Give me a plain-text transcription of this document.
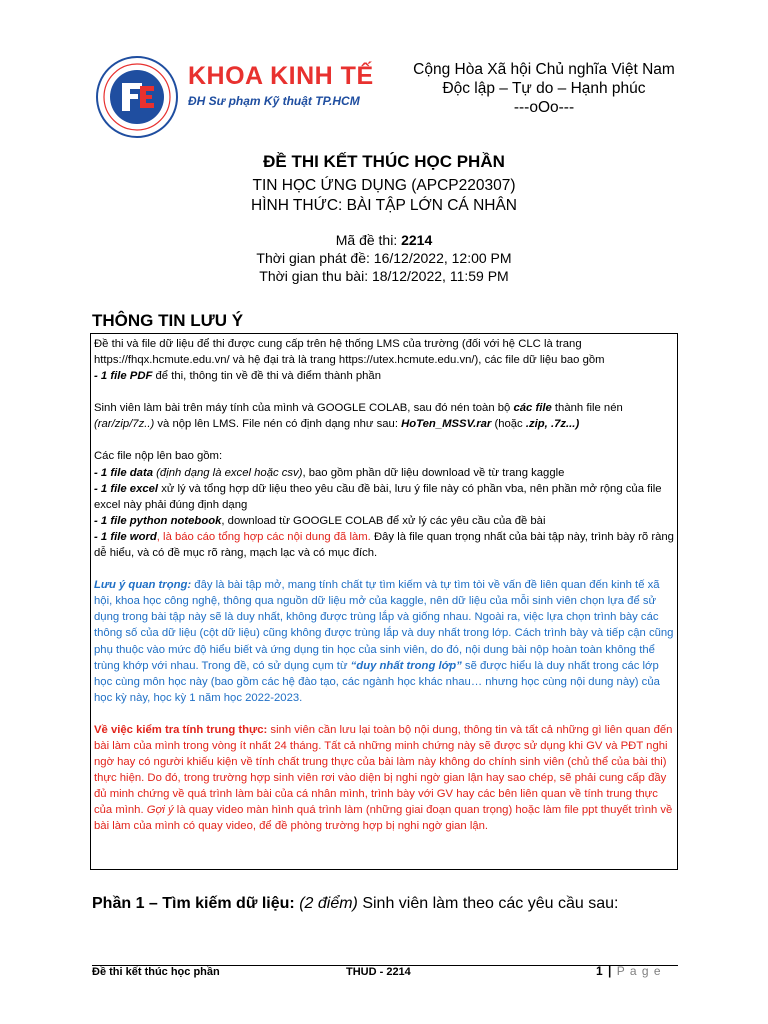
KHOA KINH TẾ
ĐH Sư phạm Kỹ thuật TP.HCM
Cộng Hòa Xã hội Chủ nghĩa Việt Nam
Độc lập – Tự do – Hạnh phúc
---oOo---
ĐỀ THI KẾT THÚC HỌC PHẦN
TIN HỌC ỨNG DỤNG (APCP220307)
HÌNH THỨC: BÀI TẬP LỚN CÁ NHÂN
Mã đề thi: 2214
Thời gian phát đề: 16/12/2022, 12:00 PM
Thời gian thu bài: 18/12/2022, 11:59 PM
THÔNG TIN LƯU Ý

Đề thi và file dữ liệu để thi được cung cấp trên hệ thống LMS của trường (đối với hệ CLC là trang https://fhqx.hcmute.edu.vn/ và hệ đại trà là trang https://utex.hcmute.edu.vn/), các file dữ liệu bao gồm
- 1 file PDF để thi, thông tin về đề thi và điểm thành phần

Sinh viên làm bài trên máy tính của mình và GOOGLE COLAB, sau đó nén toàn bộ các file thành file nén (rar/zip/7z..) và nộp lên LMS. File nén có định dạng như sau: HoTen_MSSV.rar (hoặc .zip, .7z...)

Các file nộp lên bao gồm:
- 1 file data (định dạng là excel hoặc csv), bao gồm phần dữ liệu download về từ trang kaggle
- 1 file excel xử lý và tổng hợp dữ liệu theo yêu cầu đề bài, lưu ý file này có phần vba, nên phần mở rộng của file excel này phải đúng định dạng
- 1 file python notebook, download từ GOOGLE COLAB để xử lý các yêu cầu của đề bài
- 1 file word, là báo cáo tổng hợp các nội dung đã làm. Đây là file quan trọng nhất của bài tập này, trình bày rõ ràng dễ hiểu, và có đề mục rõ ràng, mạch lạc và có mục đích.

Lưu ý quan trọng: đây là bài tập mở, mang tính chất tự tìm kiếm và tự tìm tòi về vấn đề liên quan đến kinh tế xã hội, khoa học công nghệ, thông qua nguồn dữ liệu mở của kaggle, nên dữ liệu của mỗi sinh viên chọn lựa để sử dụng trong bài tập này sẽ là duy nhất, không được trùng lắp và giống nhau. Ngoài ra, việc lựa chọn trình bày các thông số của dữ liệu (cột dữ liệu) cũng không được trùng lắp và duy nhất trong lớp. Cách trình bày và tiếp cận cũng phụ thuộc vào mức độ hiểu biết và ứng dụng tin học của sinh viên, do đó, nội dung bài nộp hoàn toàn không thể trùng khớp với nhau. Trong đề, có sử dụng cụm từ “duy nhất trong lớp” sẽ được hiểu là duy nhất trong các lớp học cùng môn học này (bao gồm các hệ đào tạo, các ngành học khác nhau… nhưng học cùng nội dung này) của học kỳ này, học kỳ 1 năm học 2022-2023.

Về việc kiểm tra tính trung thực: sinh viên cần lưu lại toàn bộ nội dung, thông tin và tất cả những gì liên quan đến bài làm của mình trong vòng ít nhất 24 tháng. Tất cả những minh chứng này sẽ được sử dụng khi GV và PĐT nghi ngờ hay có người khiếu kiện về tính chất trung thực của bài làm này không do chính sinh viên (chủ thể của bài thi) thực hiện. Do đó, trong trường hợp sinh viên rơi vào diện bị nghi ngờ gian lận hay sao chép, sẽ phải cung cấp đầy đủ minh chứng về quá trình làm bài của cá nhân mình, trình bày với GV hay các bên liên quan về tính trung thực của mình. Gợi ý là quay video màn hình quá trình làm (những giai đoạn quan trọng) hoặc làm file ppt thuyết trình về bài làm của mình có quay video, để đề phòng trường hợp bị nghi ngờ gian lận.

Phần 1 – Tìm kiếm dữ liệu: (2 điểm) Sinh viên làm theo các yêu cầu sau:
Đề thi kết thúc học phần	THUD - 2214	1 | P a g e
